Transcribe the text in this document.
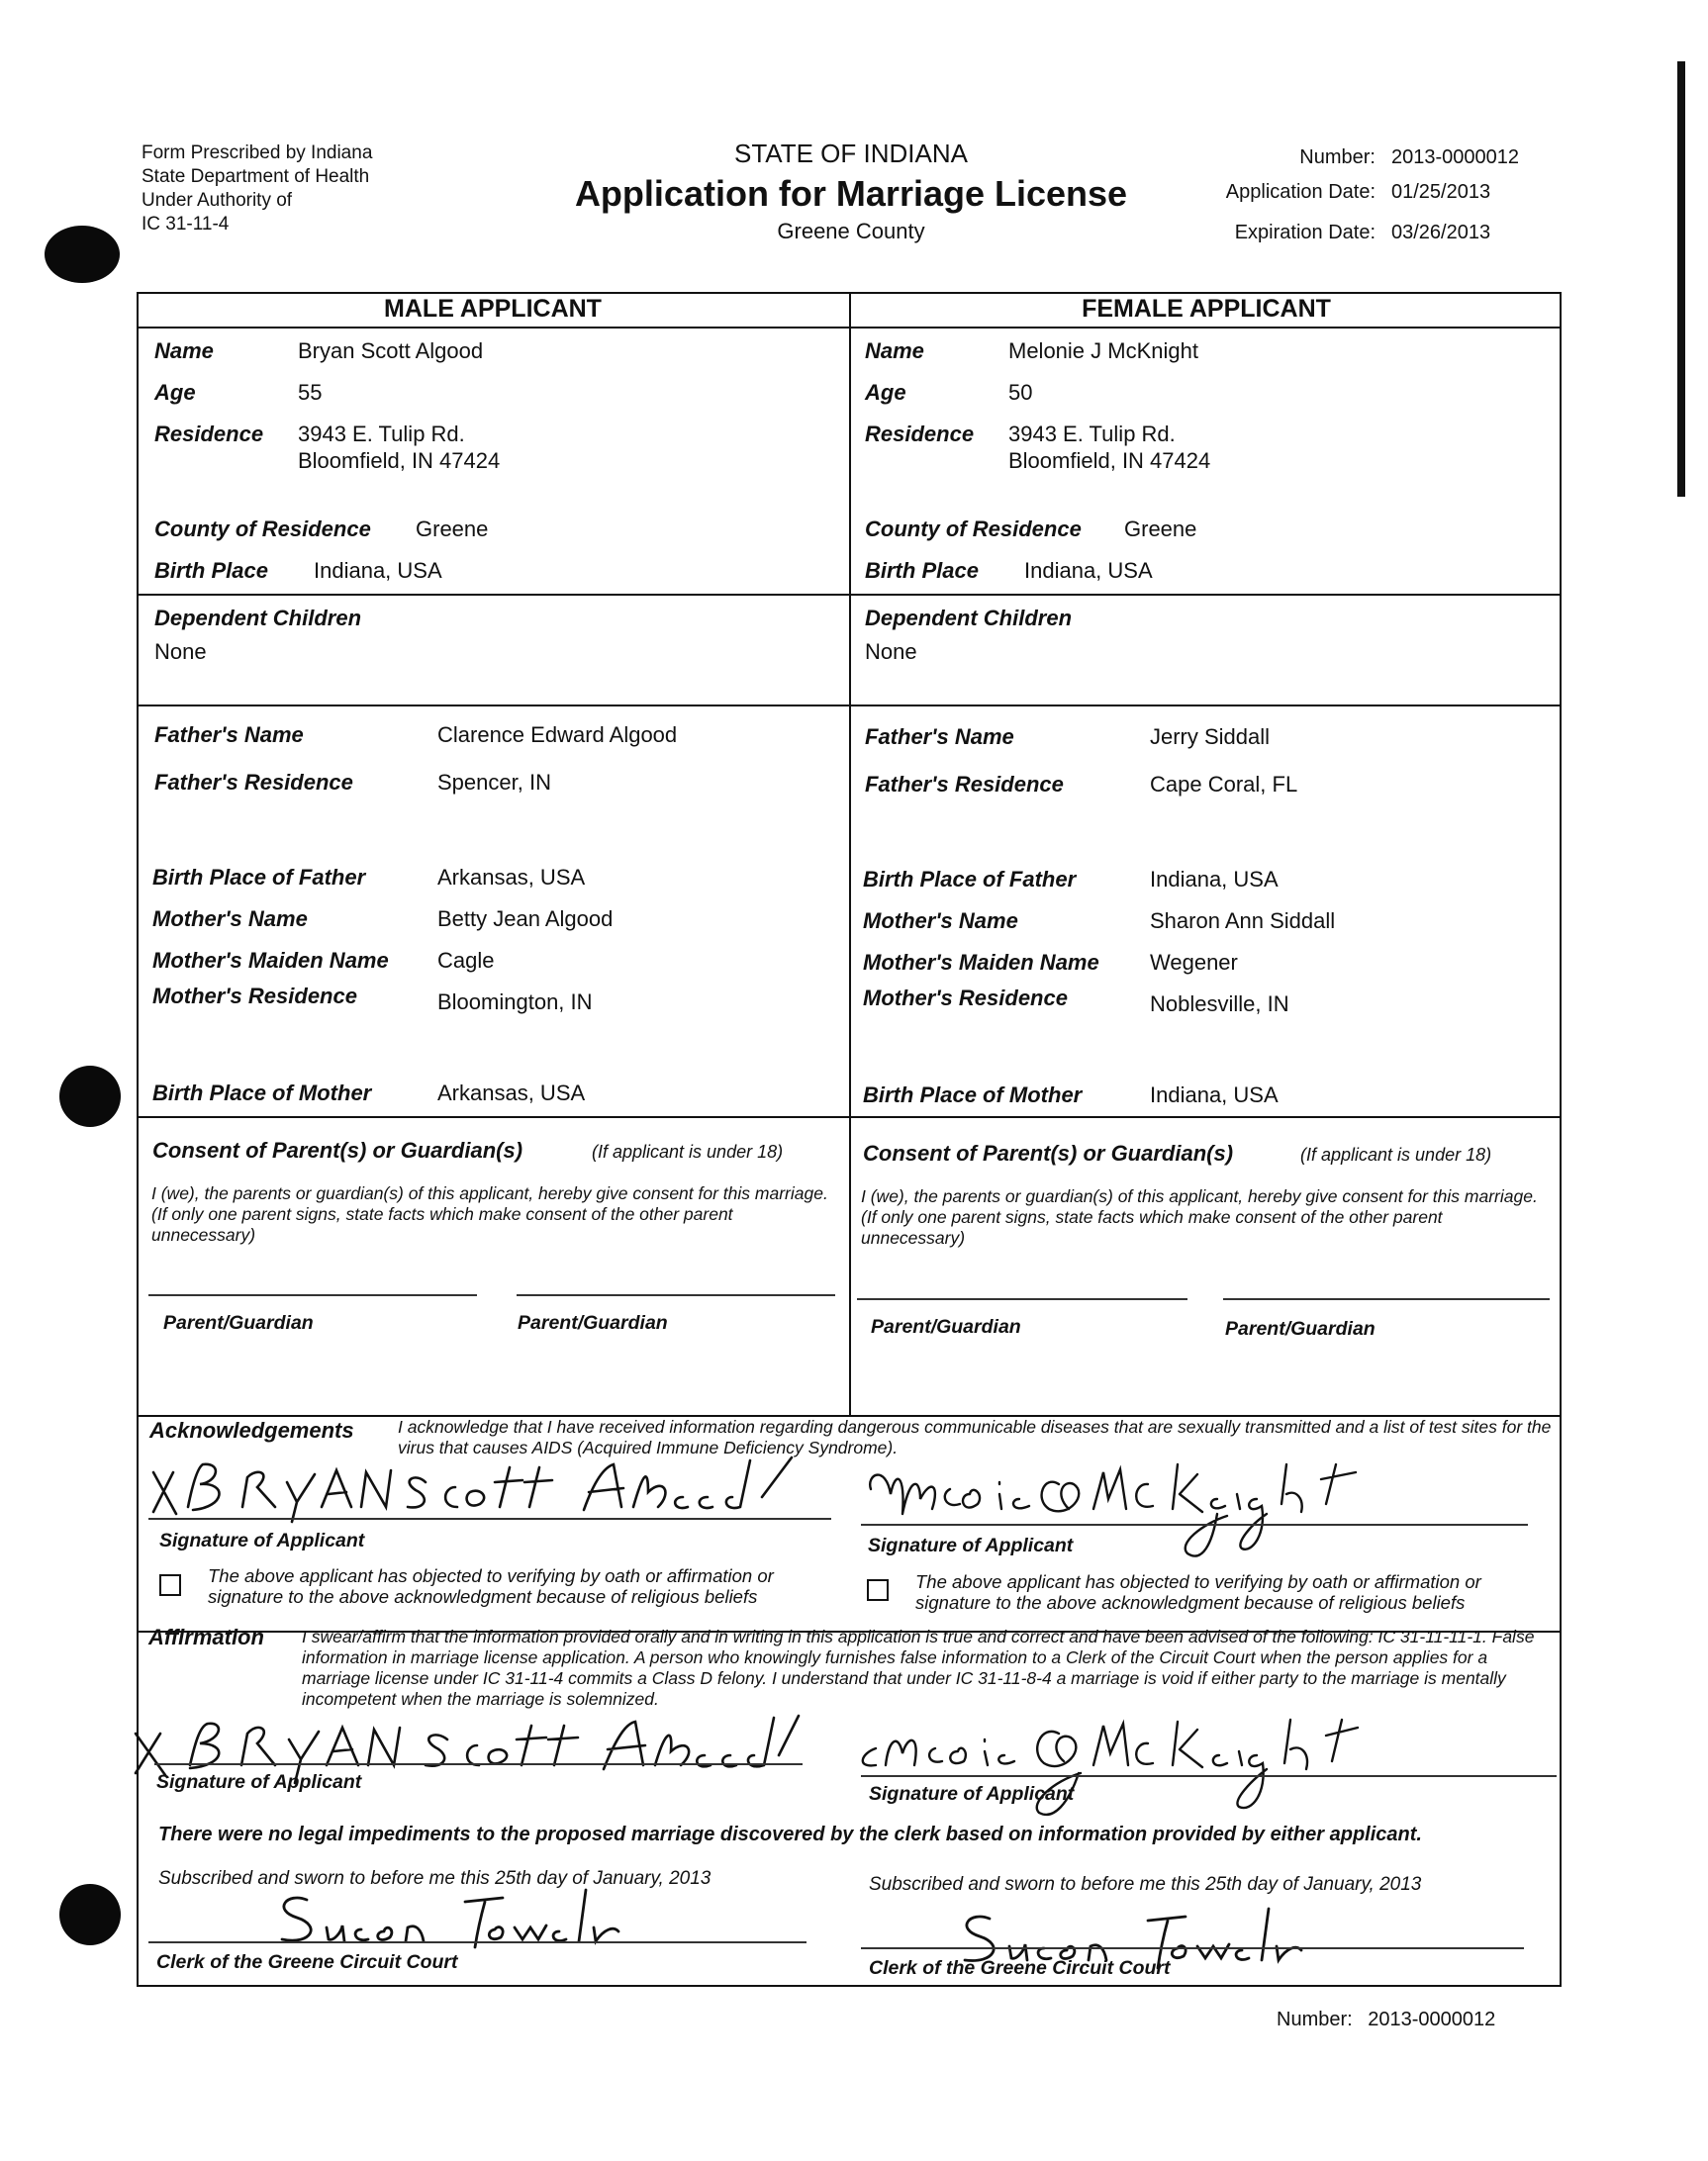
Form Prescribed by Indiana
State Department of Health
Under Authority of
IC 31-11-4
STATE OF INDIANA
Application for Marriage License
Greene County
Number: 2013-0000012
Application Date: 01/25/2013
Expiration Date: 03/26/2013
MALE APPLICANT	FEMALE APPLICANT
Name	Bryan Scott Algood
Age	55
Residence 3943 E. Tulip Rd.
Bloomfield, IN 47424
County of Residence Greene
Birth Place Indiana, USA
Dependent Children
None
Father's Name	Clarence Edward Algood
Father's Residence	Spencer, IN
Birth Place of Father	Arkansas, USA
Mother's Name	Betty Jean Algood
Mother's Maiden Name Cagle
Mother's Residence	Bloomington, IN
Birth Place of Mother	Arkansas, USA
Name	Melonie J McKnight
Age	50
Residence 3943 E. Tulip Rd.
Bloomfield, IN 47424
County of Residence Greene
Birth Place Indiana, USA
Dependent Children
None
Father's Name	Jerry Siddall
Father's Residence	Cape Coral, FL
Birth Place of Father	Indiana, USA
Mother's Name	Sharon Ann Siddall
Mother's Maiden Name Wegener
Mother's Residence	Noblesville, IN
Birth Place of Mother	Indiana, USA
Consent of Parent(s) or Guardian(s)	(If applicant is under 18)
I (we), the parents or guardian(s) of this applicant, hereby give consent for this marriage. (If only one parent signs, state facts which make consent of the other parent unnecessary)
Parent/Guardian	Parent/Guardian
Consent of Parent(s) or Guardian(s)	(If applicant is under 18)
I (we), the parents or guardian(s) of this applicant, hereby give consent for this marriage. (If only one parent signs, state facts which make consent of the other parent unnecessary)
Parent/Guardian	Parent/Guardian
Acknowledgements	I acknowledge that I have received information regarding dangerous communicable diseases that are sexually transmitted and a list of test sites for the virus that causes AIDS (Acquired Immune Deficiency Syndrome).
Signature of Applicant
The above applicant has objected to verifying by oath or affirmation or signature to the above acknowledgment because of religious beliefs
Signature of Applicant
The above applicant has objected to verifying by oath or affirmation or signature to the above acknowledgment because of religious beliefs
Affirmation I swear/affirm that the information provided orally and in writing in this application is true and correct and have been advised of the following: IC 31-11-11-1. False information in marriage license application. A person who knowingly furnishes false information to a Clerk of the Circuit Court when the person applies for a marriage license under IC 31-11-4 commits a Class D felony. I understand that under IC 31-11-8-4 a marriage is void if either party to the marriage is mentally incompetent when the marriage is solemnized.
Signature of Applicant
Signature of Applicant
There were no legal impediments to the proposed marriage discovered by the clerk based on information provided by either applicant.
Subscribed and sworn to before me this 25th day of January, 2013	Subscribed and sworn to before me this 25th day of January, 2013
Clerk of the Greene Circuit Court	Clerk of the Greene Circuit Court
Number: 2013-0000012
